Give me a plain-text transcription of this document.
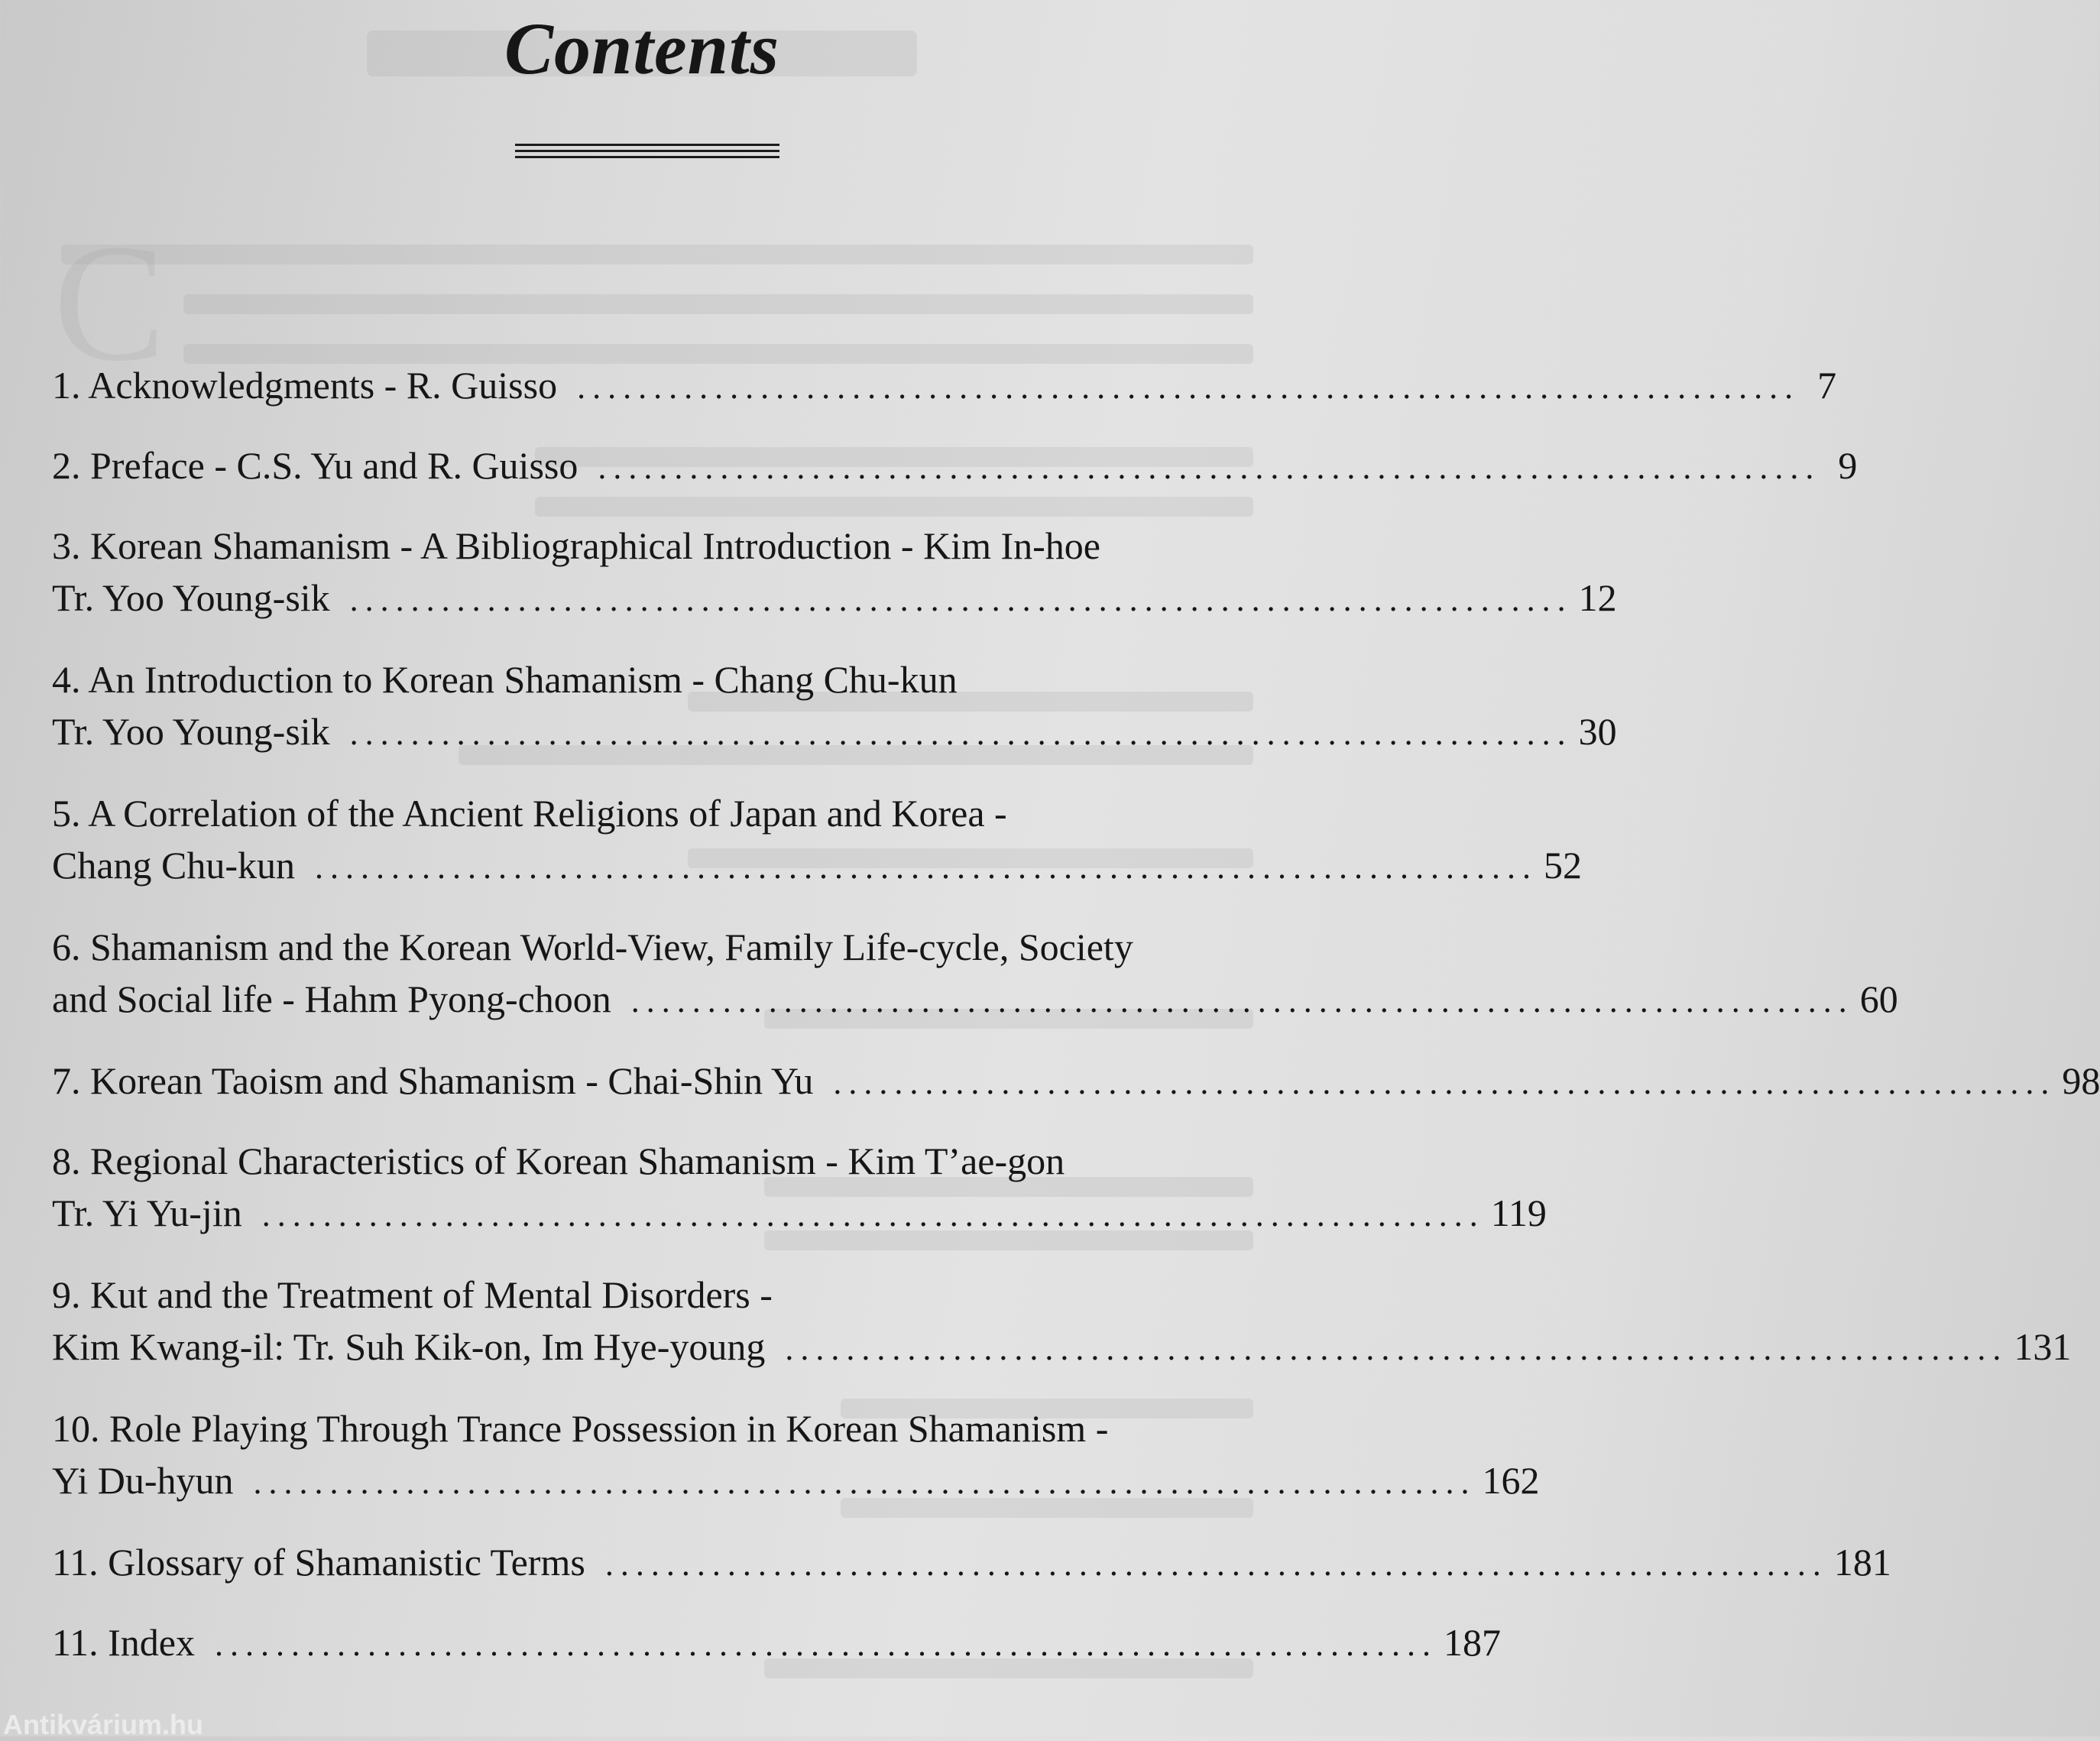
C
Contents
1. Acknowledgments - R. Guisso ................................................................................ 7
2. Preface - C.S. Yu and R. Guisso ................................................................................ 9
3. Korean Shamanism - A Bibliographical Introduction - Kim In-hoe
Tr. Yoo Young-sik ................................................................................ 12
4. An Introduction to Korean Shamanism - Chang Chu-kun
Tr. Yoo Young-sik ................................................................................ 30
5. A Correlation of the Ancient Religions of Japan and Korea -
Chang Chu-kun ................................................................................ 52
6. Shamanism and the Korean World-View, Family Life-cycle, Society
and Social life - Hahm Pyong-choon ................................................................................ 60
7. Korean Taoism and Shamanism - Chai-Shin Yu ................................................................................ 98
8. Regional Characteristics of Korean Shamanism - Kim T’ae-gon
Tr. Yi Yu-jin ................................................................................ 119
9. Kut and the Treatment of Mental Disorders -
Kim Kwang-il: Tr. Suh Kik-on, Im Hye-young ................................................................................ 131
10. Role Playing Through Trance Possession in Korean Shamanism -
Yi Du-hyun ................................................................................ 162
11. Glossary of Shamanistic Terms ................................................................................ 181
11. Index ................................................................................ 187
Antikvárium.hu
